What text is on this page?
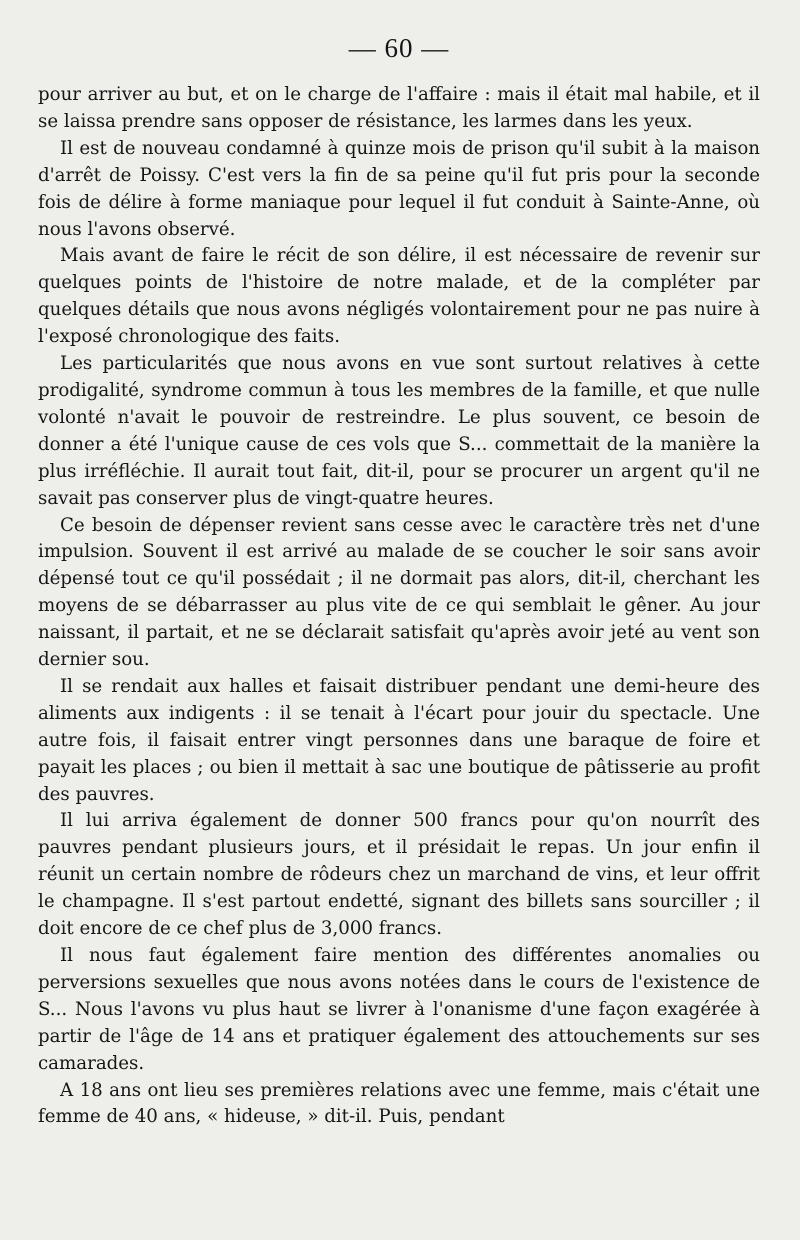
— 60 —

pour arriver au but, et on le charge de l'affaire : mais il était mal habile, et il se laissa prendre sans opposer de résistance, les larmes dans les yeux.

Il est de nouveau condamné à quinze mois de prison qu'il subit à la maison d'arrêt de Poissy. C'est vers la fin de sa peine qu'il fut pris pour la seconde fois de délire à forme maniaque pour lequel il fut conduit à Sainte-Anne, où nous l'avons observé.

Mais avant de faire le récit de son délire, il est nécessaire de revenir sur quelques points de l'histoire de notre malade, et de la compléter par quelques détails que nous avons négligés volontairement pour ne pas nuire à l'exposé chronologique des faits.

Les particularités que nous avons en vue sont surtout relatives à cette prodigalité, syndrome commun à tous les membres de la famille, et que nulle volonté n'avait le pouvoir de restreindre. Le plus souvent, ce besoin de donner a été l'unique cause de ces vols que S... commettait de la manière la plus irréfléchie. Il aurait tout fait, dit-il, pour se procurer un argent qu'il ne savait pas conserver plus de vingt-quatre heures.

Ce besoin de dépenser revient sans cesse avec le caractère très net d'une impulsion. Souvent il est arrivé au malade de se coucher le soir sans avoir dépensé tout ce qu'il possédait ; il ne dormait pas alors, dit-il, cherchant les moyens de se débarrasser au plus vite de ce qui semblait le gêner. Au jour naissant, il partait, et ne se déclarait satisfait qu'après avoir jeté au vent son dernier sou.

Il se rendait aux halles et faisait distribuer pendant une demi-heure des aliments aux indigents : il se tenait à l'écart pour jouir du spectacle. Une autre fois, il faisait entrer vingt personnes dans une baraque de foire et payait les places ; ou bien il mettait à sac une boutique de pâtisserie au profit des pauvres.

Il lui arriva également de donner 500 francs pour qu'on nourrît des pauvres pendant plusieurs jours, et il présidait le repas. Un jour enfin il réunit un certain nombre de rôdeurs chez un marchand de vins, et leur offrit le champagne. Il s'est partout endetté, signant des billets sans sourciller ; il doit encore de ce chef plus de 3,000 francs.

Il nous faut également faire mention des différentes anomalies ou perversions sexuelles que nous avons notées dans le cours de l'existence de S... Nous l'avons vu plus haut se livrer à l'onanisme d'une façon exagérée à partir de l'âge de 14 ans et pratiquer également des attouchements sur ses camarades.

A 18 ans ont lieu ses premières relations avec une femme, mais c'était une femme de 40 ans, « hideuse, » dit-il. Puis, pendant
